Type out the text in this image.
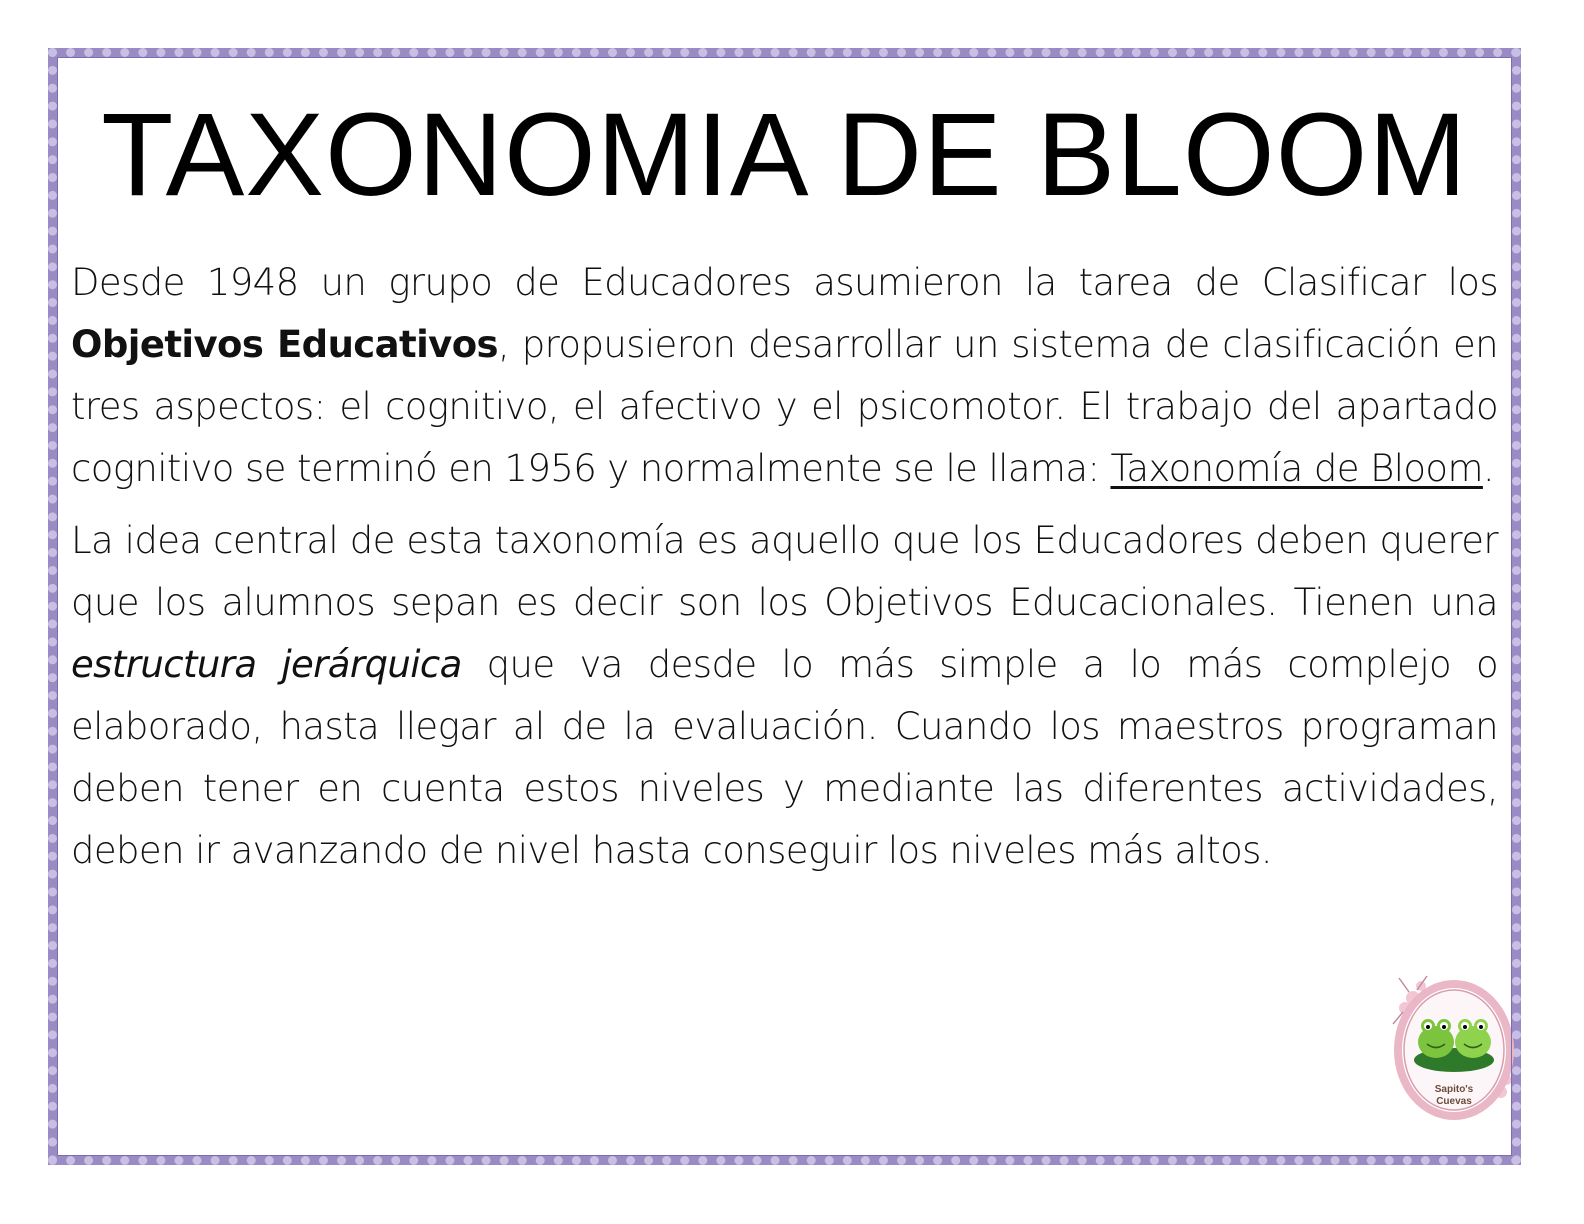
TAXONOMIA DE BLOOM

Desde 1948 un grupo de Educadores asumieron la tarea de Clasificar los Objetivos Educativos, propusieron desarrollar un sistema de clasificación en tres aspectos: el cognitivo, el afectivo y el psicomotor. El trabajo del apartado cognitivo se terminó en 1956 y normalmente se le llama: Taxonomía de Bloom.

La idea central de esta taxonomía es aquello que los Educadores deben querer que los alumnos sepan es decir son los Objetivos Educacionales. Tienen una estructura jerárquica que va desde lo más simple a lo más complejo o elaborado, hasta llegar al de la evaluación. Cuando los maestros programan deben tener en cuenta estos niveles y mediante las diferentes actividades, deben ir avanzando de nivel hasta conseguir los niveles más altos.

Sapito's
Cuevas
